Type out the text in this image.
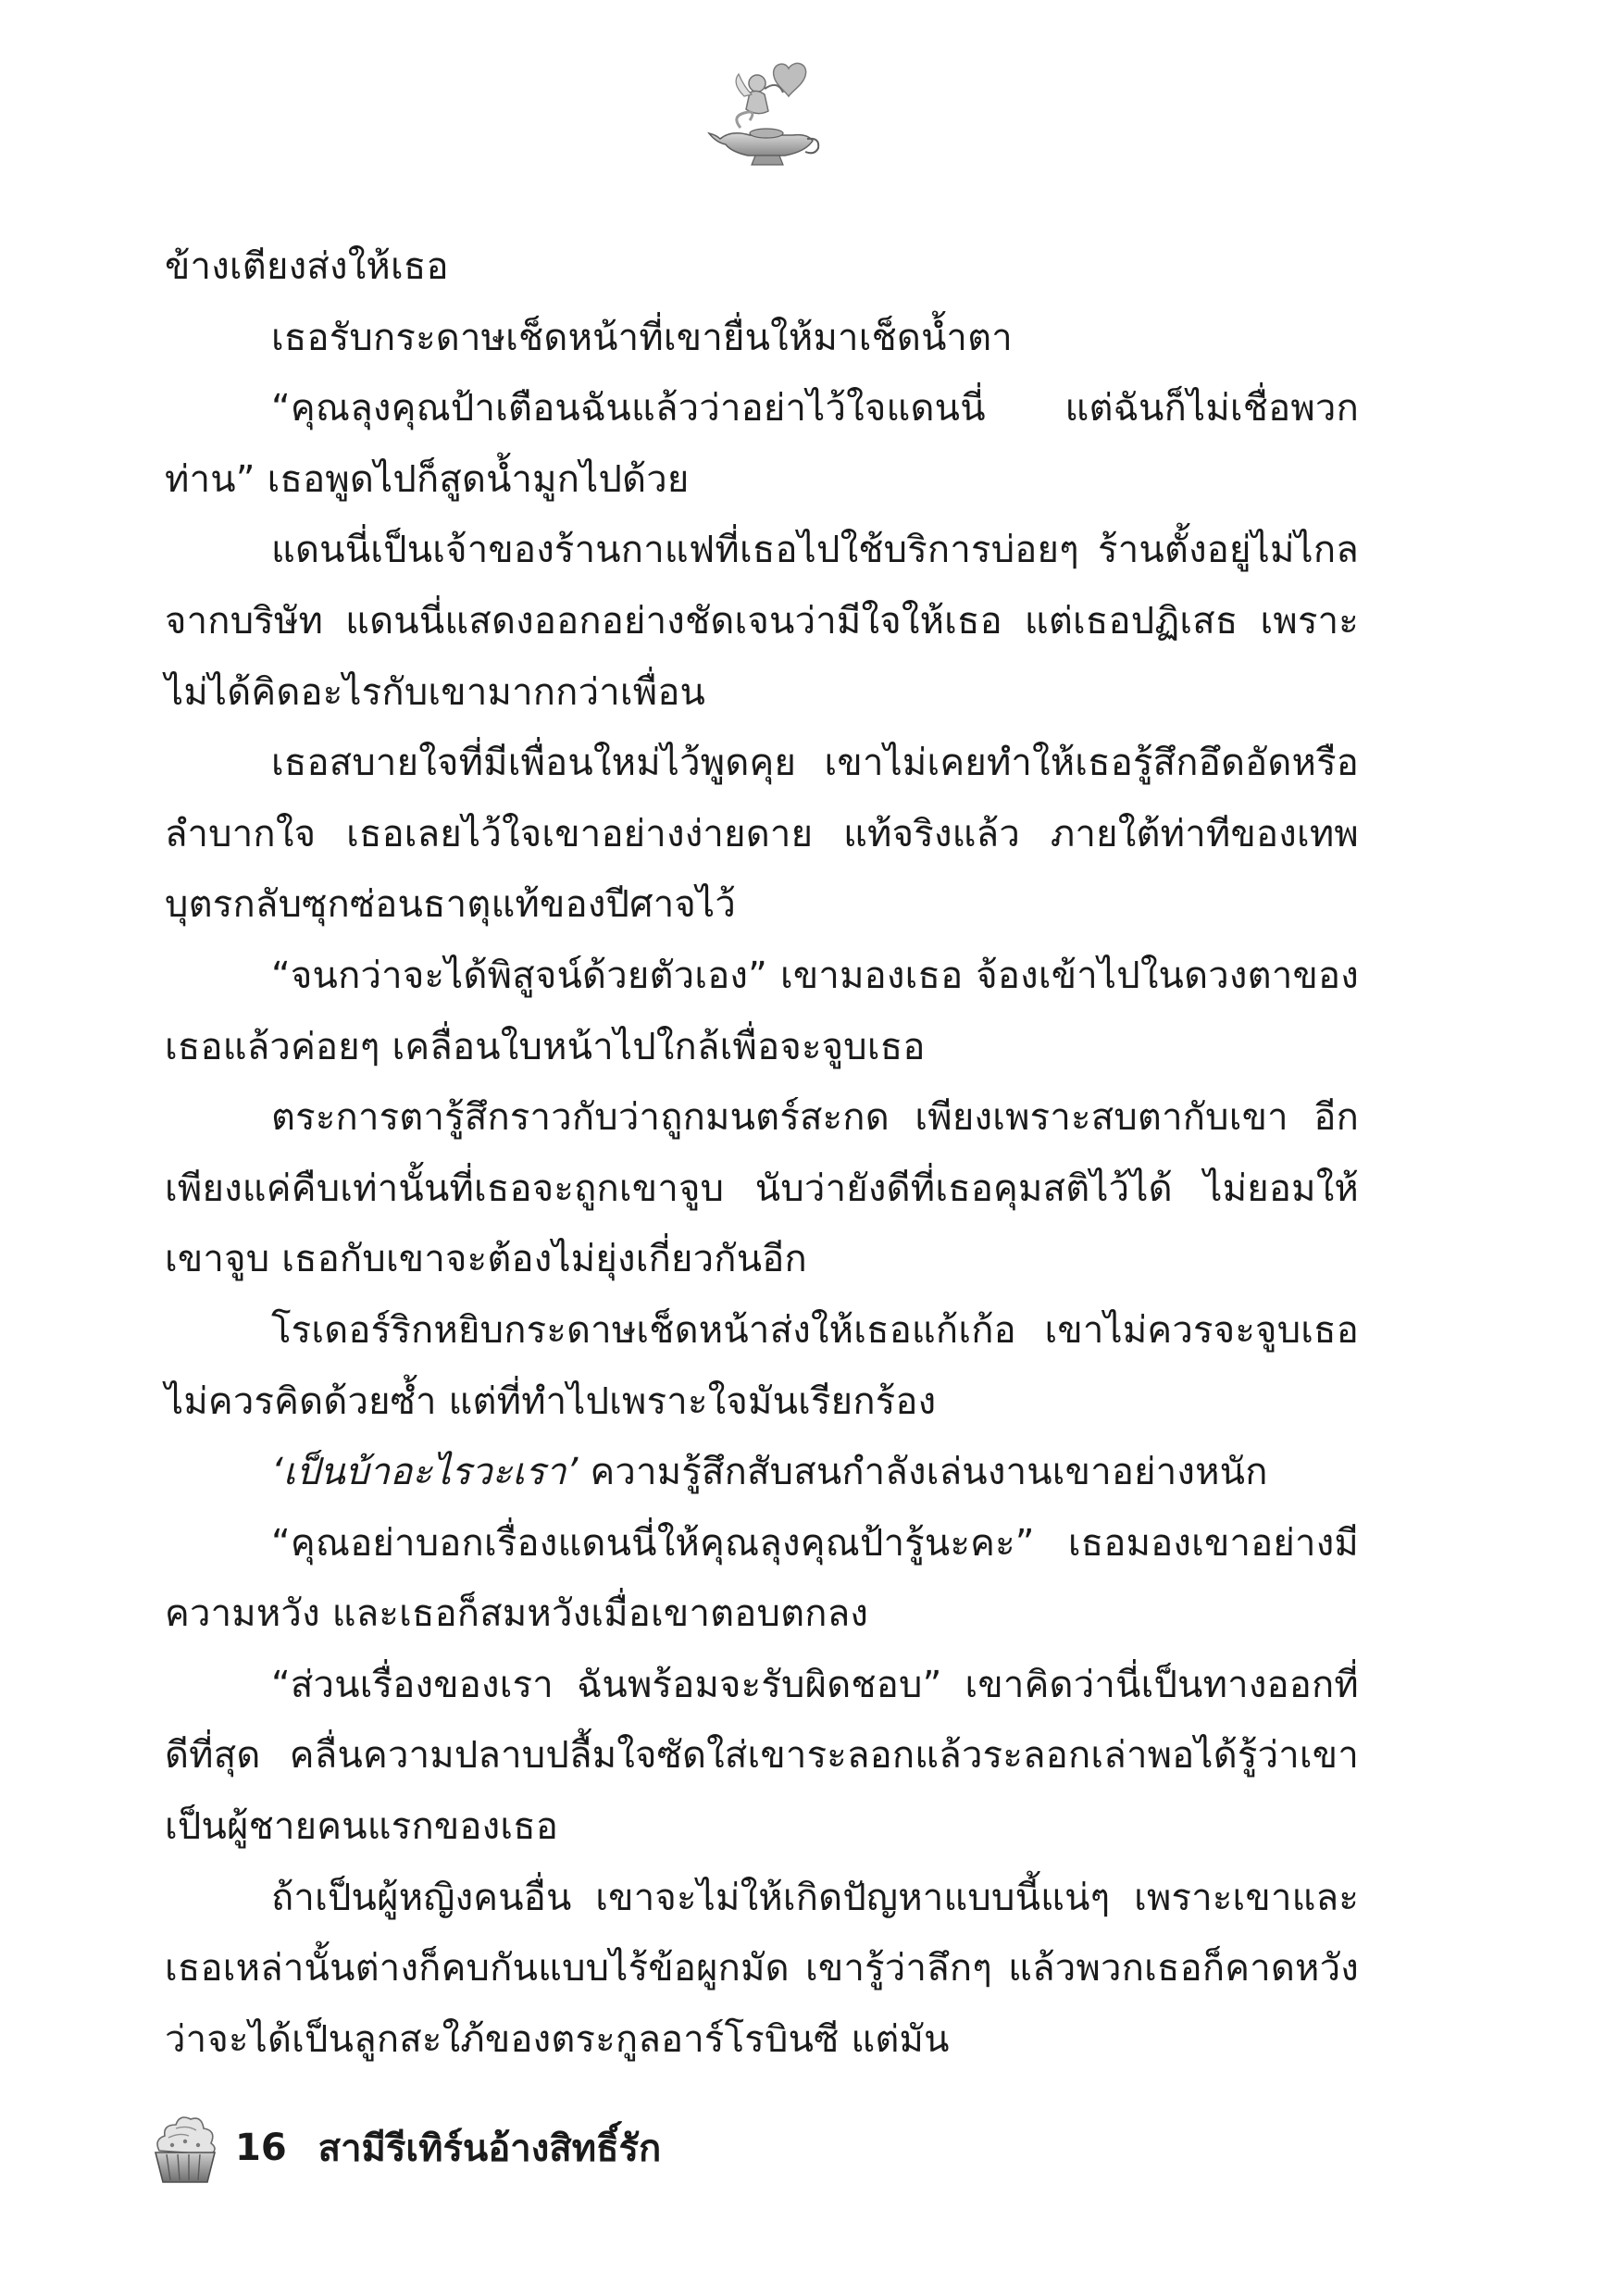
ข้างเตียงส่งให้เธอ

เธอรับกระดาษเช็ดหน้าที่เขายื่นให้มาเช็ดน้ำตา

“คุณลุงคุณป้าเตือนฉันแล้วว่าอย่าไว้ใจแดนนี่ แต่ฉันก็ไม่เชื่อพวกท่าน” เธอพูดไปก็สูดน้ำมูกไปด้วย

แดนนี่เป็นเจ้าของร้านกาแฟที่เธอไปใช้บริการบ่อยๆ ร้านตั้งอยู่ไม่ไกลจากบริษัท แดนนี่แสดงออกอย่างชัดเจนว่ามีใจให้เธอ แต่เธอปฏิเสธ เพราะไม่ได้คิดอะไรกับเขามากกว่าเพื่อน

เธอสบายใจที่มีเพื่อนใหม่ไว้พูดคุย เขาไม่เคยทำให้เธอรู้สึกอึดอัดหรือลำบากใจ เธอเลยไว้ใจเขาอย่างง่ายดาย แท้จริงแล้ว ภายใต้ท่าทีของเทพบุตรกลับซุกซ่อนธาตุแท้ของปีศาจไว้

“จนกว่าจะได้พิสูจน์ด้วยตัวเอง” เขามองเธอ จ้องเข้าไปในดวงตาของเธอแล้วค่อยๆ เคลื่อนใบหน้าไปใกล้เพื่อจะจูบเธอ

ตระการตารู้สึกราวกับว่าถูกมนตร์สะกด เพียงเพราะสบตากับเขา อีกเพียงแค่คืบเท่านั้นที่เธอจะถูกเขาจูบ นับว่ายังดีที่เธอคุมสติไว้ได้ ไม่ยอมให้เขาจูบ เธอกับเขาจะต้องไม่ยุ่งเกี่ยวกันอีก

โรเดอร์ริกหยิบกระดาษเช็ดหน้าส่งให้เธอแก้เก้อ เขาไม่ควรจะจูบเธอ ไม่ควรคิดด้วยซ้ำ แต่ที่ทำไปเพราะใจมันเรียกร้อง

‘เป็นบ้าอะไรวะเรา’ ความรู้สึกสับสนกำลังเล่นงานเขาอย่างหนัก

“คุณอย่าบอกเรื่องแดนนี่ให้คุณลุงคุณป้ารู้นะคะ” เธอมองเขาอย่างมีความหวัง และเธอก็สมหวังเมื่อเขาตอบตกลง

“ส่วนเรื่องของเรา ฉันพร้อมจะรับผิดชอบ” เขาคิดว่านี่เป็นทางออกที่ดีที่สุด คลื่นความปลาบปลื้มใจซัดใส่เขาระลอกแล้วระลอกเล่าพอได้รู้ว่าเขาเป็นผู้ชายคนแรกของเธอ

ถ้าเป็นผู้หญิงคนอื่น เขาจะไม่ให้เกิดปัญหาแบบนี้แน่ๆ เพราะเขาและเธอเหล่านั้นต่างก็คบกันแบบไร้ข้อผูกมัด เขารู้ว่าลึกๆ แล้วพวกเธอก็คาดหวังว่าจะได้เป็นลูกสะใภ้ของตระกูลอาร์โรบินซี แต่มัน

16 สามีรีเทิร์นอ้างสิทธิ์รัก
